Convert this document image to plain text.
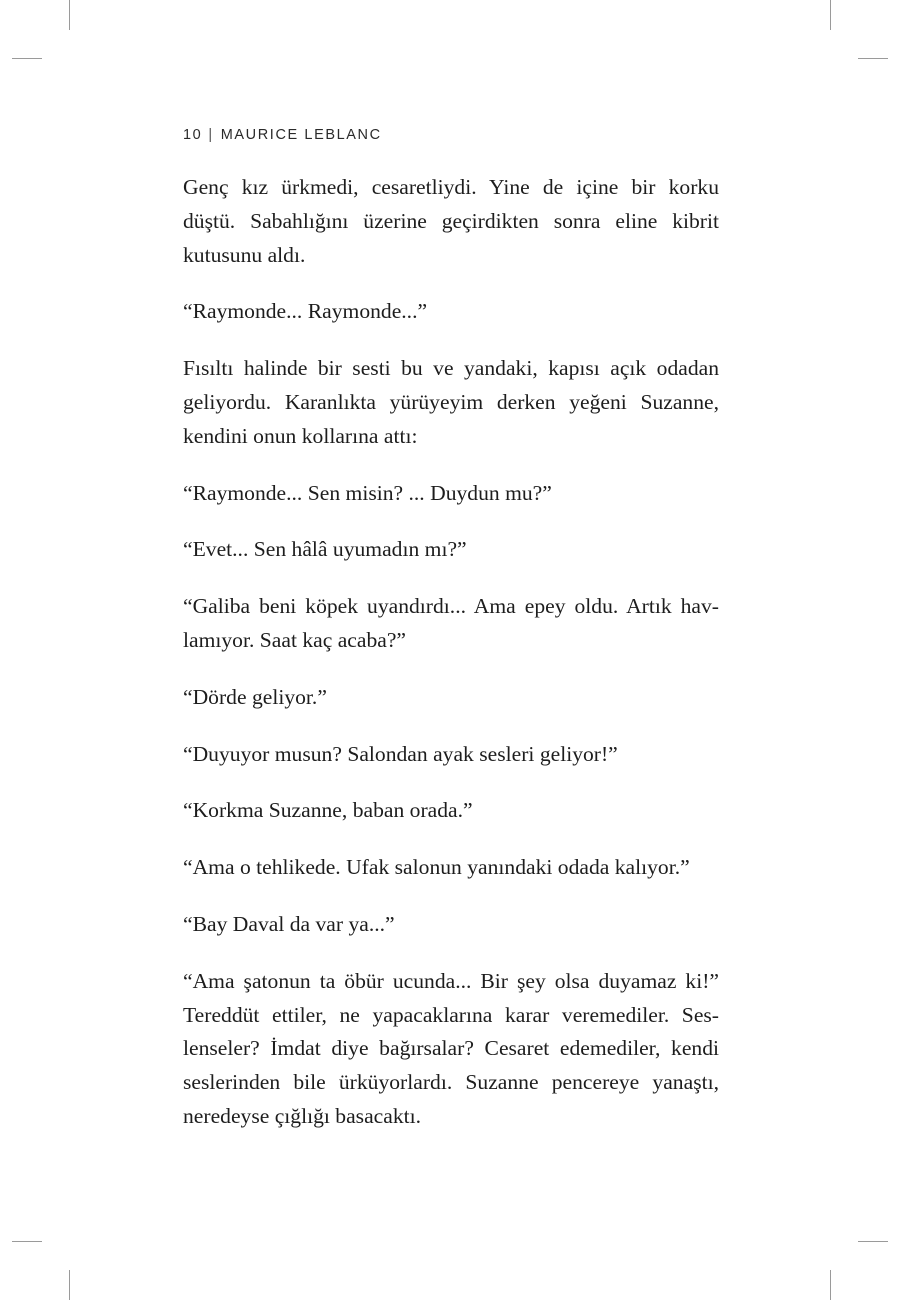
10 | MAURICE LEBLANC

Genç kız ürkmedi, cesaretliydi. Yine de içine bir korku
düştü. Sabahlığını üzerine geçirdikten sonra eline kibrit
kutusunu aldı.

“Raymonde... Raymonde...”

Fısıltı halinde bir sesti bu ve yandaki, kapısı açık odadan
geliyordu. Karanlıkta yürüyeyim derken yeğeni Suzanne,
kendini onun kollarına attı:

“Raymonde... Sen misin? ... Duydun mu?”

“Evet... Sen hâlâ uyumadın mı?”

“Galiba beni köpek uyandırdı... Ama epey oldu. Artık hav-
lamıyor. Saat kaç acaba?”

“Dörde geliyor.”

“Duyuyor musun? Salondan ayak sesleri geliyor!”

“Korkma Suzanne, baban orada.”

“Ama o tehlikede. Ufak salonun yanındaki odada kalıyor.”

“Bay Daval da var ya...”

“Ama şatonun ta öbür ucunda... Bir şey olsa duyamaz ki!”
Tereddüt ettiler, ne yapacaklarına karar veremediler. Ses-
lenseler? İmdat diye bağırsalar? Cesaret edemediler, kendi
seslerinden bile ürküyorlardı. Suzanne pencereye yanaştı,
neredeyse çığlığı basacaktı.
